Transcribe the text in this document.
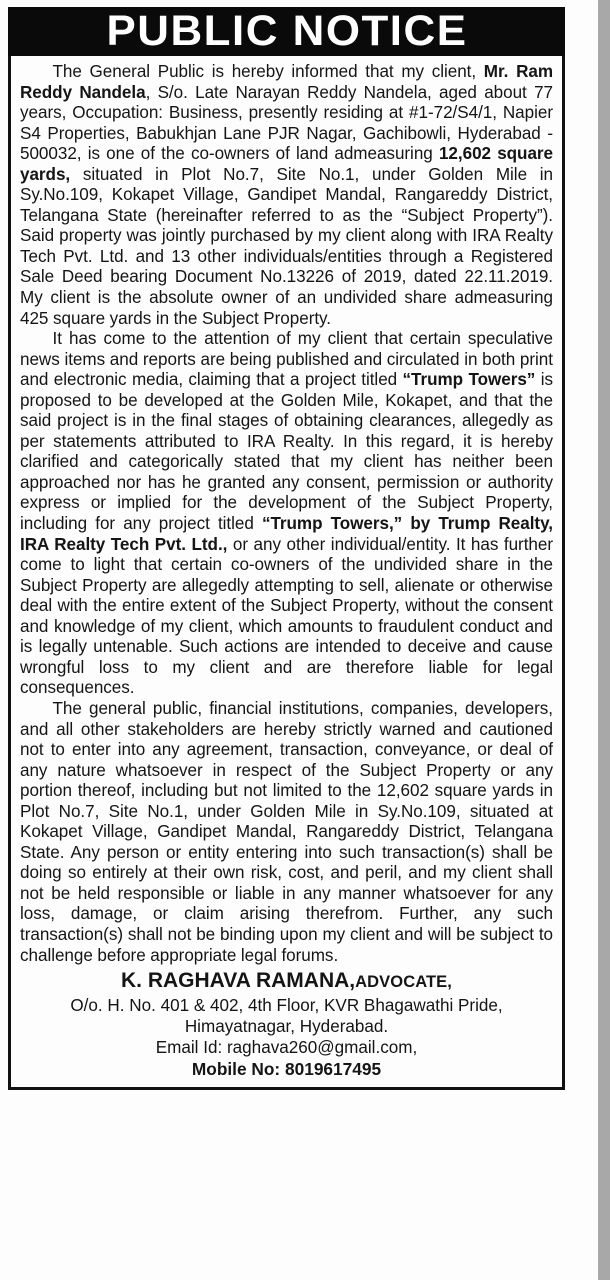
PUBLIC NOTICE

The General Public is hereby informed that my client, Mr. Ram Reddy Nandela, S/o. Late Narayan Reddy Nandela, aged about 77 years, Occupation: Business, presently residing at #1-72/S4/1, Napier S4 Properties, Babukhjan Lane PJR Nagar, Gachibowli, Hyderabad - 500032, is one of the co-owners of land admeasuring 12,602 square yards, situated in Plot No.7, Site No.1, under Golden Mile in Sy.No.109, Kokapet Village, Gandipet Mandal, Rangareddy District, Telangana State (hereinafter referred to as the “Subject Property”). Said property was jointly purchased by my client along with IRA Realty Tech Pvt. Ltd. and 13 other individuals/entities through a Registered Sale Deed bearing Document No.13226 of 2019, dated 22.11.2019. My client is the absolute owner of an undivided share admeasuring 425 square yards in the Subject Property.

It has come to the attention of my client that certain speculative news items and reports are being published and circulated in both print and electronic media, claiming that a project titled “Trump Towers” is proposed to be developed at the Golden Mile, Kokapet, and that the said project is in the final stages of obtaining clearances, allegedly as per statements attributed to IRA Realty. In this regard, it is hereby clarified and categorically stated that my client has neither been approached nor has he granted any consent, permission or authority express or implied for the development of the Subject Property, including for any project titled “Trump Towers,” by Trump Realty, IRA Realty Tech Pvt. Ltd., or any other individual/entity. It has further come to light that certain co-owners of the undivided share in the Subject Property are allegedly attempting to sell, alienate or otherwise deal with the entire extent of the Subject Property, without the consent and knowledge of my client, which amounts to fraudulent conduct and is legally untenable. Such actions are intended to deceive and cause wrongful loss to my client and are therefore liable for legal consequences.

The general public, financial institutions, companies, developers, and all other stakeholders are hereby strictly warned and cautioned not to enter into any agreement, transaction, conveyance, or deal of any nature whatsoever in respect of the Subject Property or any portion thereof, including but not limited to the 12,602 square yards in Plot No.7, Site No.1, under Golden Mile in Sy.No.109, situated at Kokapet Village, Gandipet Mandal, Rangareddy District, Telangana State. Any person or entity entering into such transaction(s) shall be doing so entirely at their own risk, cost, and peril, and my client shall not be held responsible or liable in any manner whatsoever for any loss, damage, or claim arising therefrom. Further, any such transaction(s) shall not be binding upon my client and will be subject to challenge before appropriate legal forums.

K. RAGHAVA RAMANA,ADVOCATE,
O/o. H. No. 401 & 402, 4th Floor, KVR Bhagawathi Pride,
Himayatnagar, Hyderabad.
Email Id: raghava260@gmail.com,
Mobile No: 8019617495
